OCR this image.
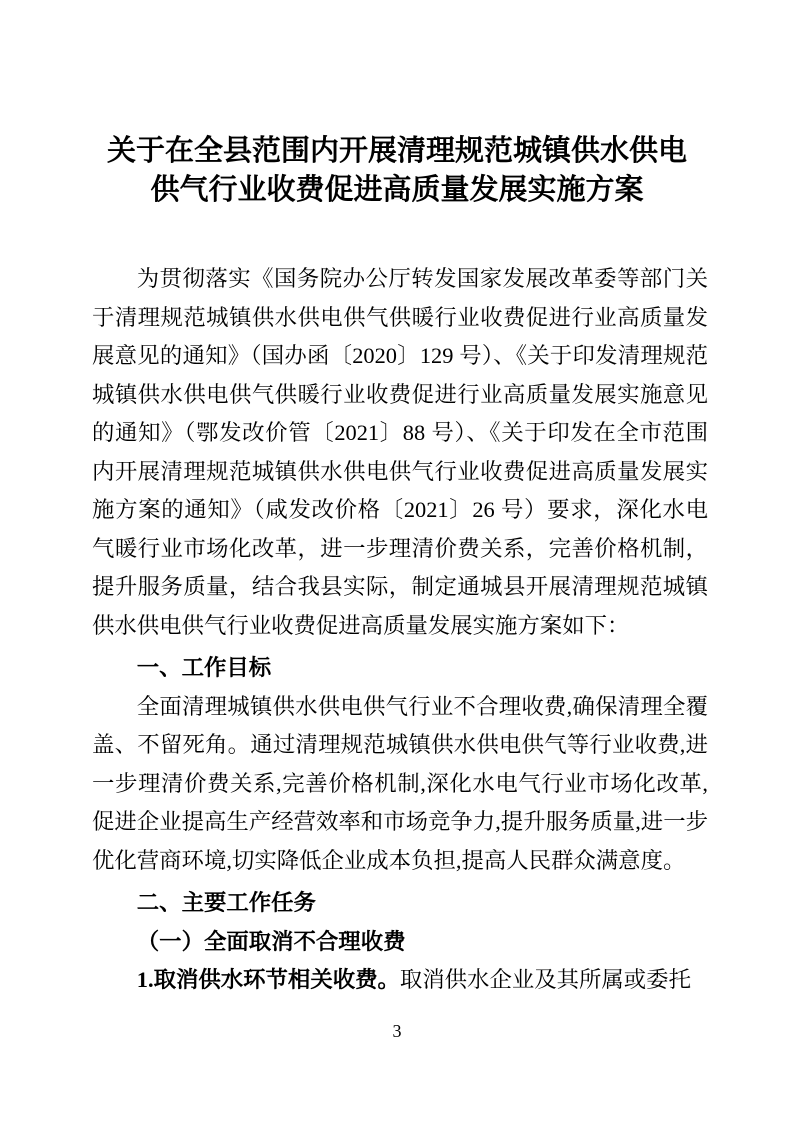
关于在全县范围内开展清理规范城镇供水供电
供气行业收费促进高质量发展实施方案

为贯彻落实《国务院办公厅转发国家发展改革委等部门关于清理规范城镇供水供电供气供暖行业收费促进行业高质量发展意见的通知》（国办函〔2020〕129 号）、《关于印发清理规范城镇供水供电供气供暖行业收费促进行业高质量发展实施意见的通知》（鄂发改价管〔2021〕88 号）、《关于印发在全市范围内开展清理规范城镇供水供电供气行业收费促进高质量发展实施方案的通知》（咸发改价格〔2021〕26 号）要求，深化水电气暖行业市场化改革，进一步理清价费关系，完善价格机制，提升服务质量，结合我县实际，制定通城县开展清理规范城镇供水供电供气行业收费促进高质量发展实施方案如下：

一、工作目标

全面清理城镇供水供电供气行业不合理收费,确保清理全覆盖、不留死角。通过清理规范城镇供水供电供气等行业收费,进一步理清价费关系,完善价格机制,深化水电气行业市场化改革,促进企业提高生产经营效率和市场竞争力,提升服务质量,进一步优化营商环境,切实降低企业成本负担,提高人民群众满意度。

二、主要工作任务

（一）全面取消不合理收费

1.取消供水环节相关收费。取消供水企业及其所属或委托

3
